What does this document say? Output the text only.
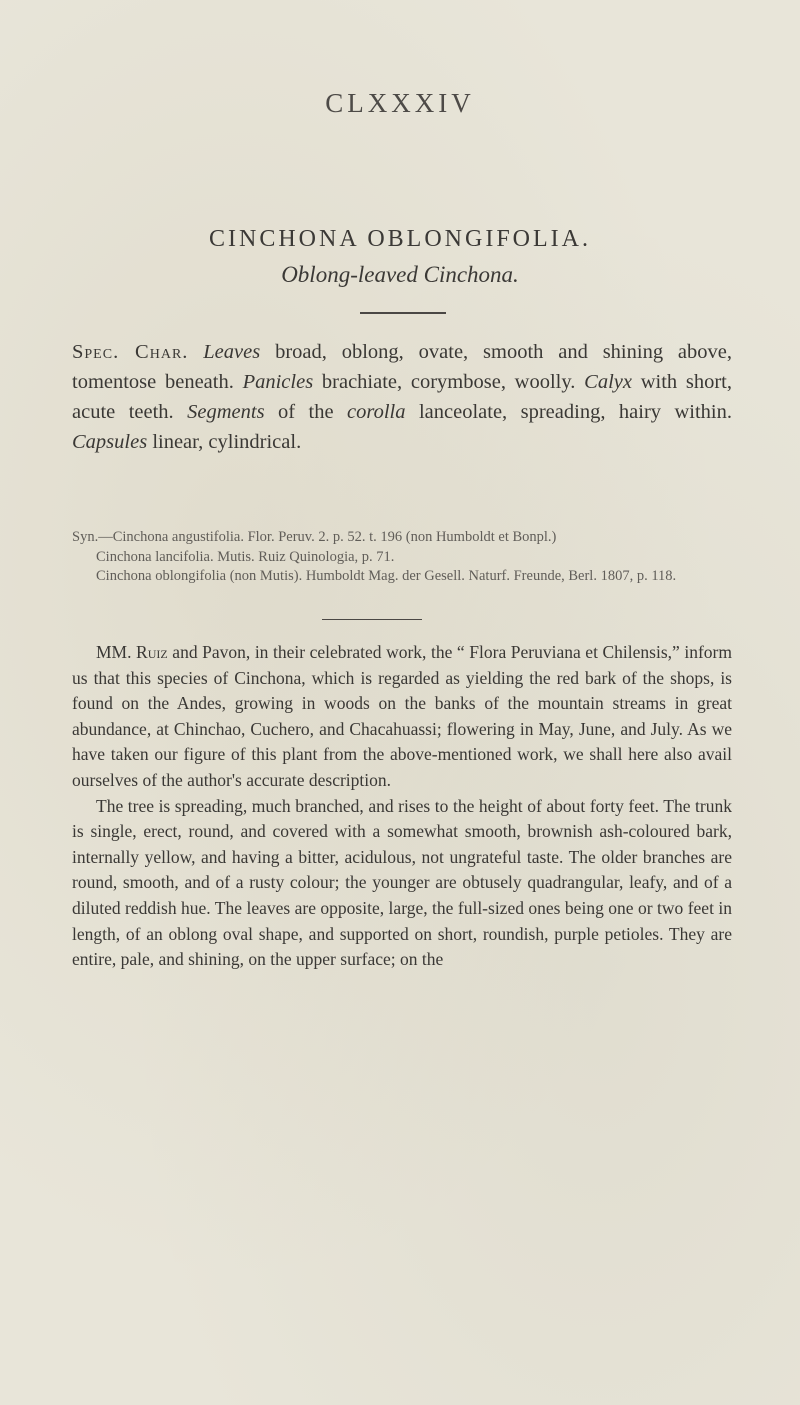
CLXXXIV
CINCHONA OBLONGIFOLIA.
Oblong-leaved Cinchona.
Spec. Char. Leaves broad, oblong, ovate, smooth and shining above, tomentose beneath. Panicles brachiate, corymbose, woolly. Calyx with short, acute teeth. Segments of the corolla lanceolate, spreading, hairy within. Capsules linear, cylindrical.
Syn.—Cinchona angustifolia. Flor. Peruv. 2. p. 52. t. 196 (non Humboldt et Bonpl.)
Cinchona lancifolia. Mutis. Ruiz Quinologia, p. 71.
Cinchona oblongifolia (non Mutis). Humboldt Mag. der Gesell. Naturf. Freunde, Berl. 1807, p. 118.

MM. Ruiz and Pavon, in their celebrated work, the “ Flora Peruviana et Chilensis,” inform us that this species of Cinchona, which is regarded as yielding the red bark of the shops, is found on the Andes, growing in woods on the banks of the mountain streams in great abundance, at Chinchao, Cuchero, and Chacahuassi; flowering in May, June, and July. As we have taken our figure of this plant from the above-mentioned work, we shall here also avail ourselves of the author's accurate description.

The tree is spreading, much branched, and rises to the height of about forty feet. The trunk is single, erect, round, and covered with a somewhat smooth, brownish ash-coloured bark, internally yellow, and having a bitter, acidulous, not ungrateful taste. The older branches are round, smooth, and of a rusty colour; the younger are obtusely quadrangular, leafy, and of a diluted reddish hue. The leaves are opposite, large, the full-sized ones being one or two feet in length, of an oblong oval shape, and supported on short, roundish, purple petioles. They are entire, pale, and shining, on the upper surface; on the
